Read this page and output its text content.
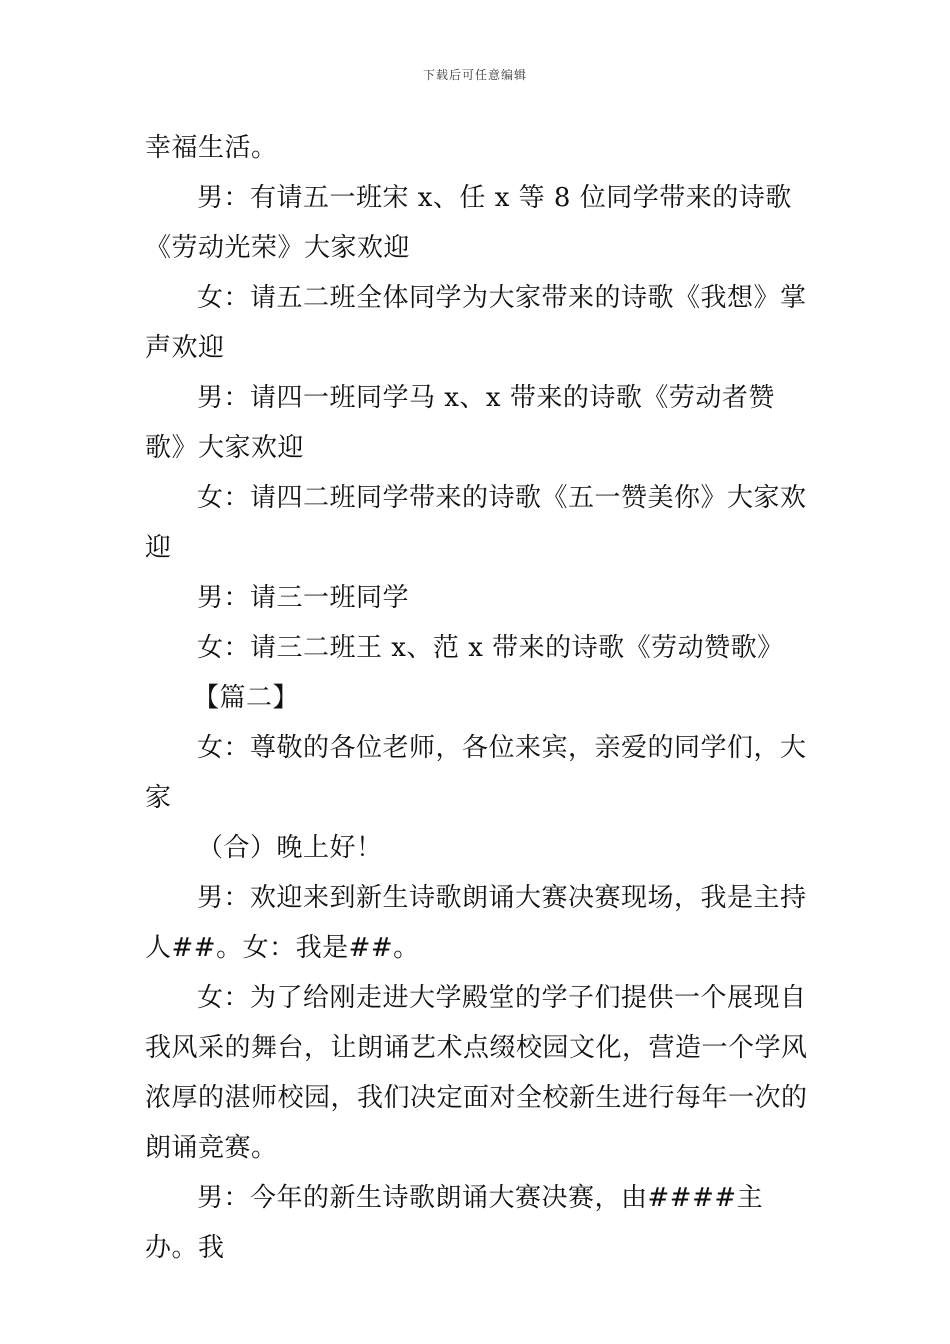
下载后可任意编辑

幸福生活。

男：有请五一班宋 x、任 x 等 8 位同学带来的诗歌《劳动光荣》大家欢迎

女：请五二班全体同学为大家带来的诗歌《我想》掌声欢迎

男：请四一班同学马 x、x 带来的诗歌《劳动者赞歌》大家欢迎

女：请四二班同学带来的诗歌《五一赞美你》大家欢迎

男：请三一班同学

女：请三二班王 x、范 x 带来的诗歌《劳动赞歌》

【篇二】

女：尊敬的各位老师，各位来宾，亲爱的同学们，大家

（合）晚上好！

男：欢迎来到新生诗歌朗诵大赛决赛现场，我是主持人##。女：我是##。

女：为了给刚走进大学殿堂的学子们提供一个展现自我风采的舞台，让朗诵艺术点缀校园文化，营造一个学风浓厚的湛师校园，我们决定面对全校新生进行每年一次的朗诵竞赛。

男：今年的新生诗歌朗诵大赛决赛，由####主办。我
